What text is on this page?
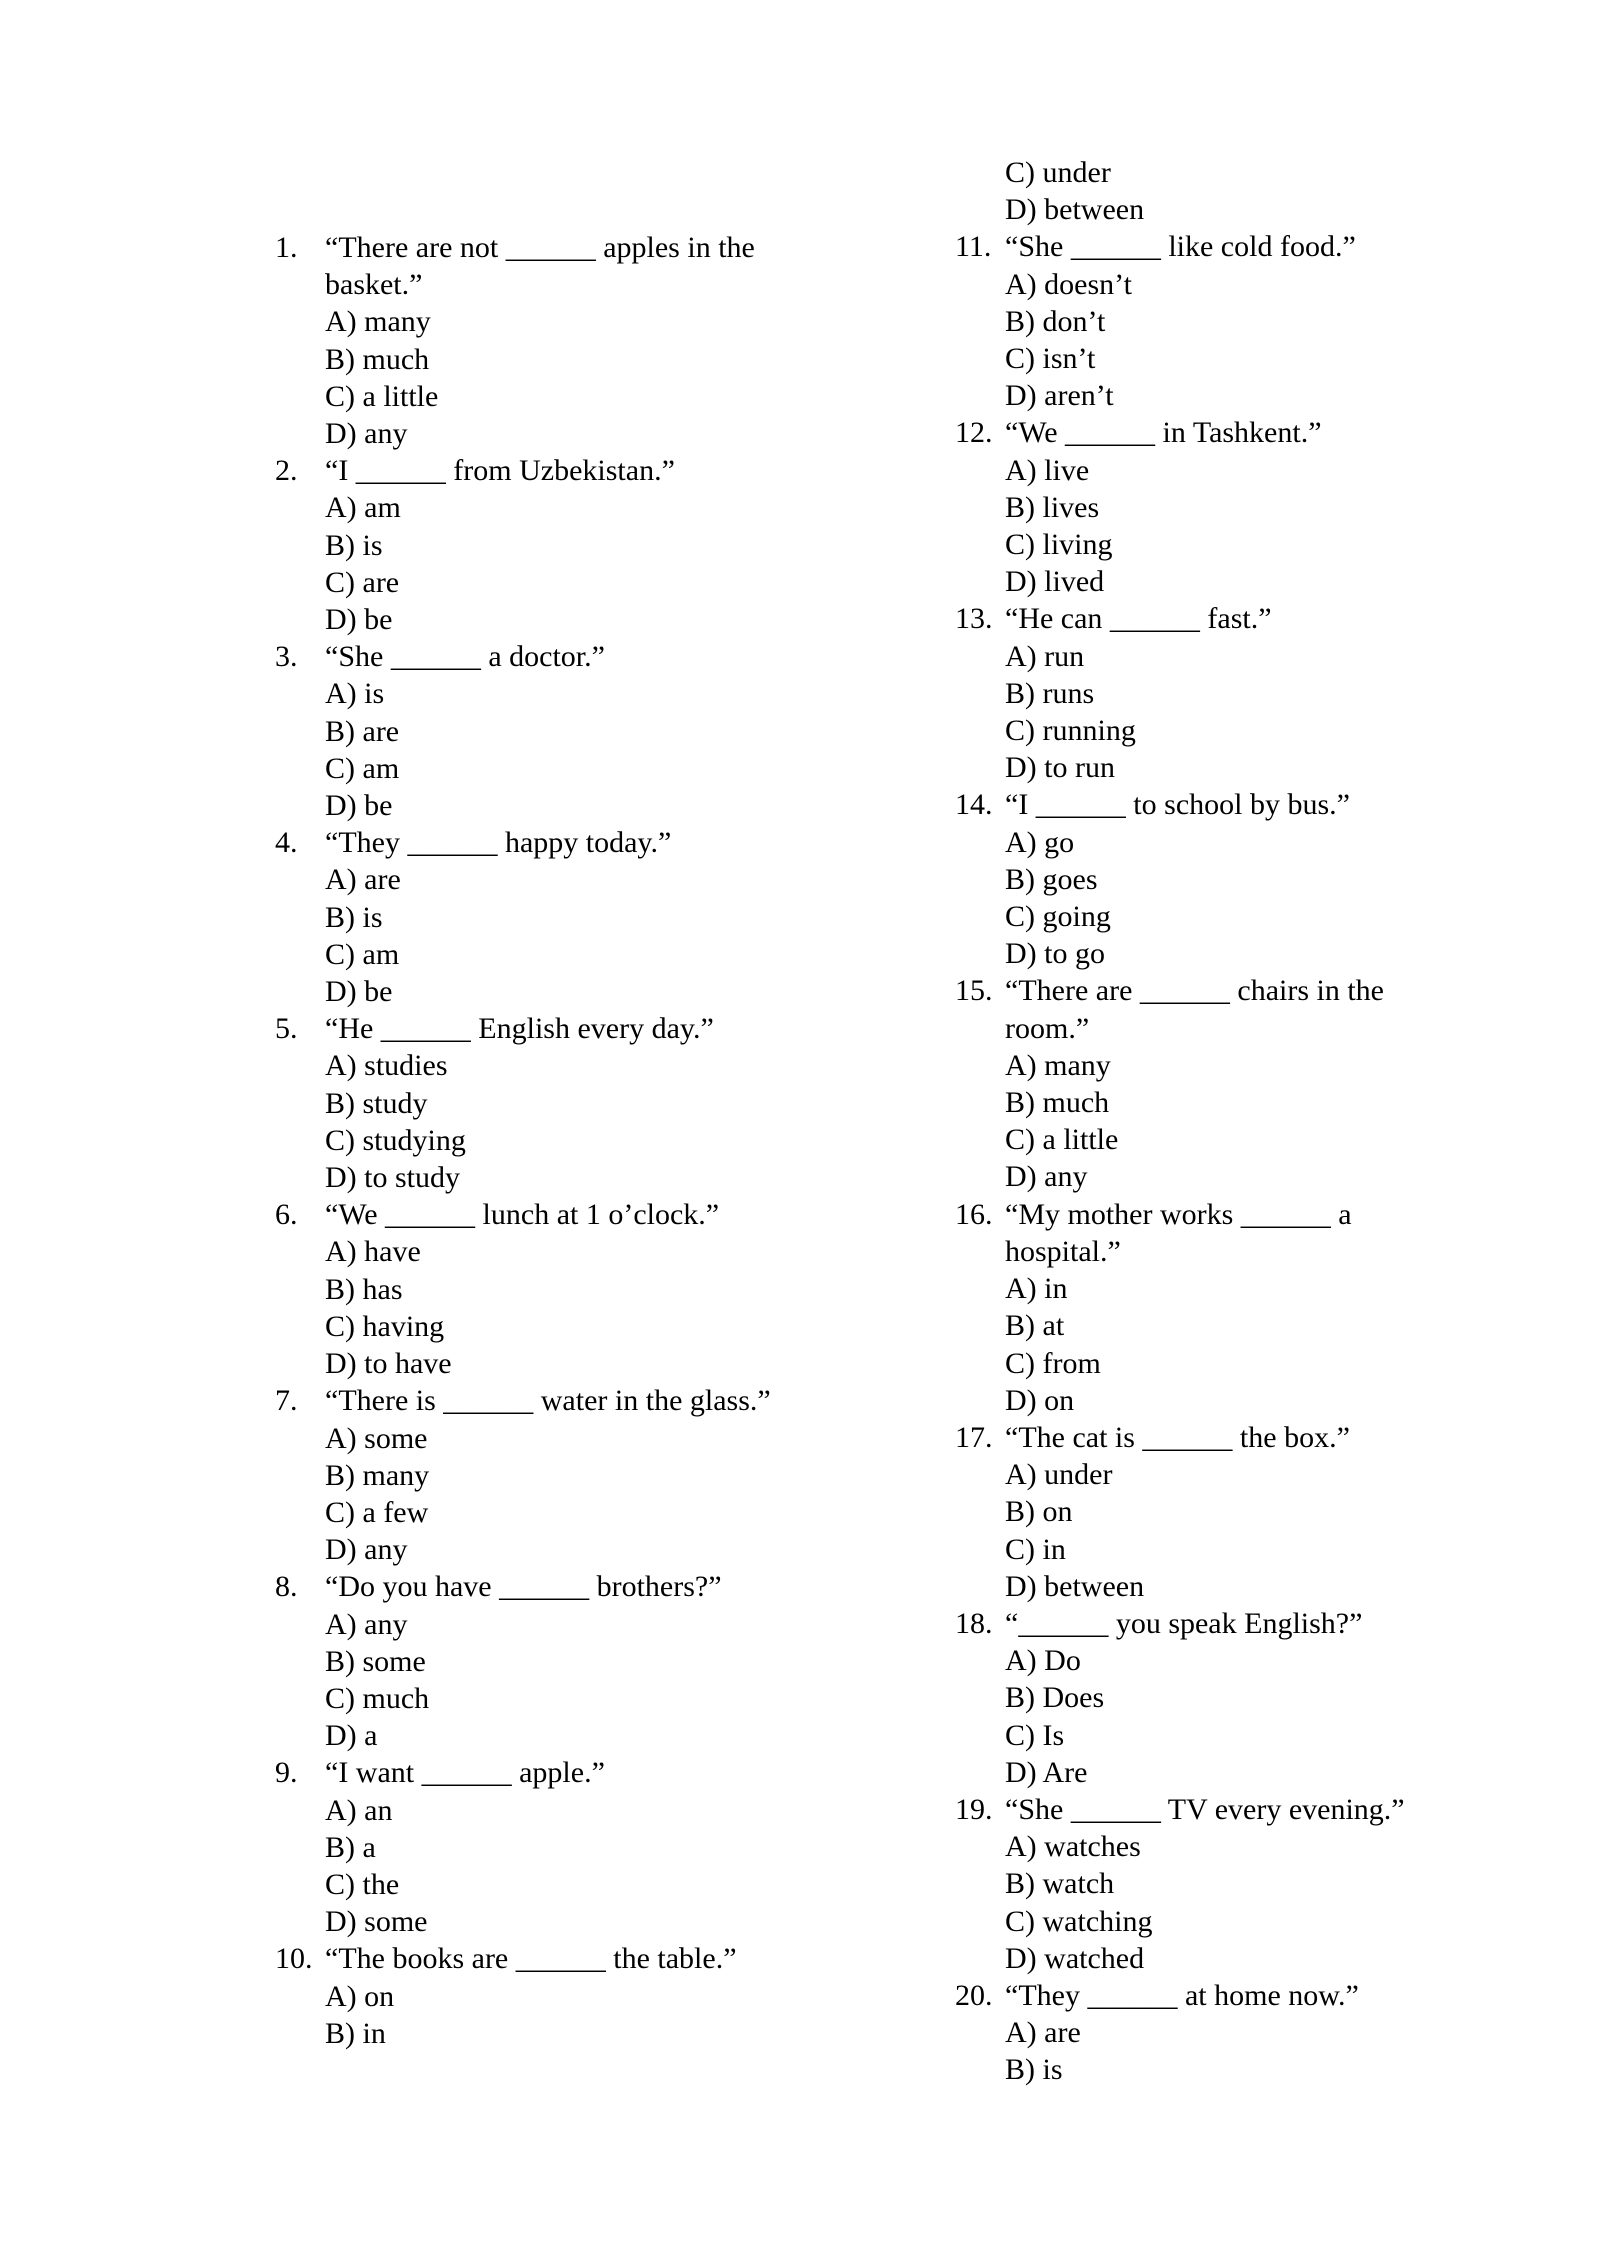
1. “There are not ______ apples in the
basket.”
A) many
B) much
C) a little
D) any
2. “I ______ from Uzbekistan.”
A) am
B) is
C) are
D) be
3. “She ______ a doctor.”
A) is
B) are
C) am
D) be
4. “They ______ happy today.”
A) are
B) is
C) am
D) be
5. “He ______ English every day.”
A) studies
B) study
C) studying
D) to study
6. “We ______ lunch at 1 o’clock.”
A) have
B) has
C) having
D) to have
7. “There is ______ water in the glass.”
A) some
B) many
C) a few
D) any
8. “Do you have ______ brothers?”
A) any
B) some
C) much
D) a
9. “I want ______ apple.”
A) an
B) a
C) the
D) some
10. “The books are ______ the table.”
A) on
B) in
C) under
D) between
11. “She ______ like cold food.”
A) doesn’t
B) don’t
C) isn’t
D) aren’t
12. “We ______ in Tashkent.”
A) live
B) lives
C) living
D) lived
13. “He can ______ fast.”
A) run
B) runs
C) running
D) to run
14. “I ______ to school by bus.”
A) go
B) goes
C) going
D) to go
15. “There are ______ chairs in the
room.”
A) many
B) much
C) a little
D) any
16. “My mother works ______ a
hospital.”
A) in
B) at
C) from
D) on
17. “The cat is ______ the box.”
A) under
B) on
C) in
D) between
18. “______ you speak English?”
A) Do
B) Does
C) Is
D) Are
19. “She ______ TV every evening.”
A) watches
B) watch
C) watching
D) watched
20. “They ______ at home now.”
A) are
B) is
